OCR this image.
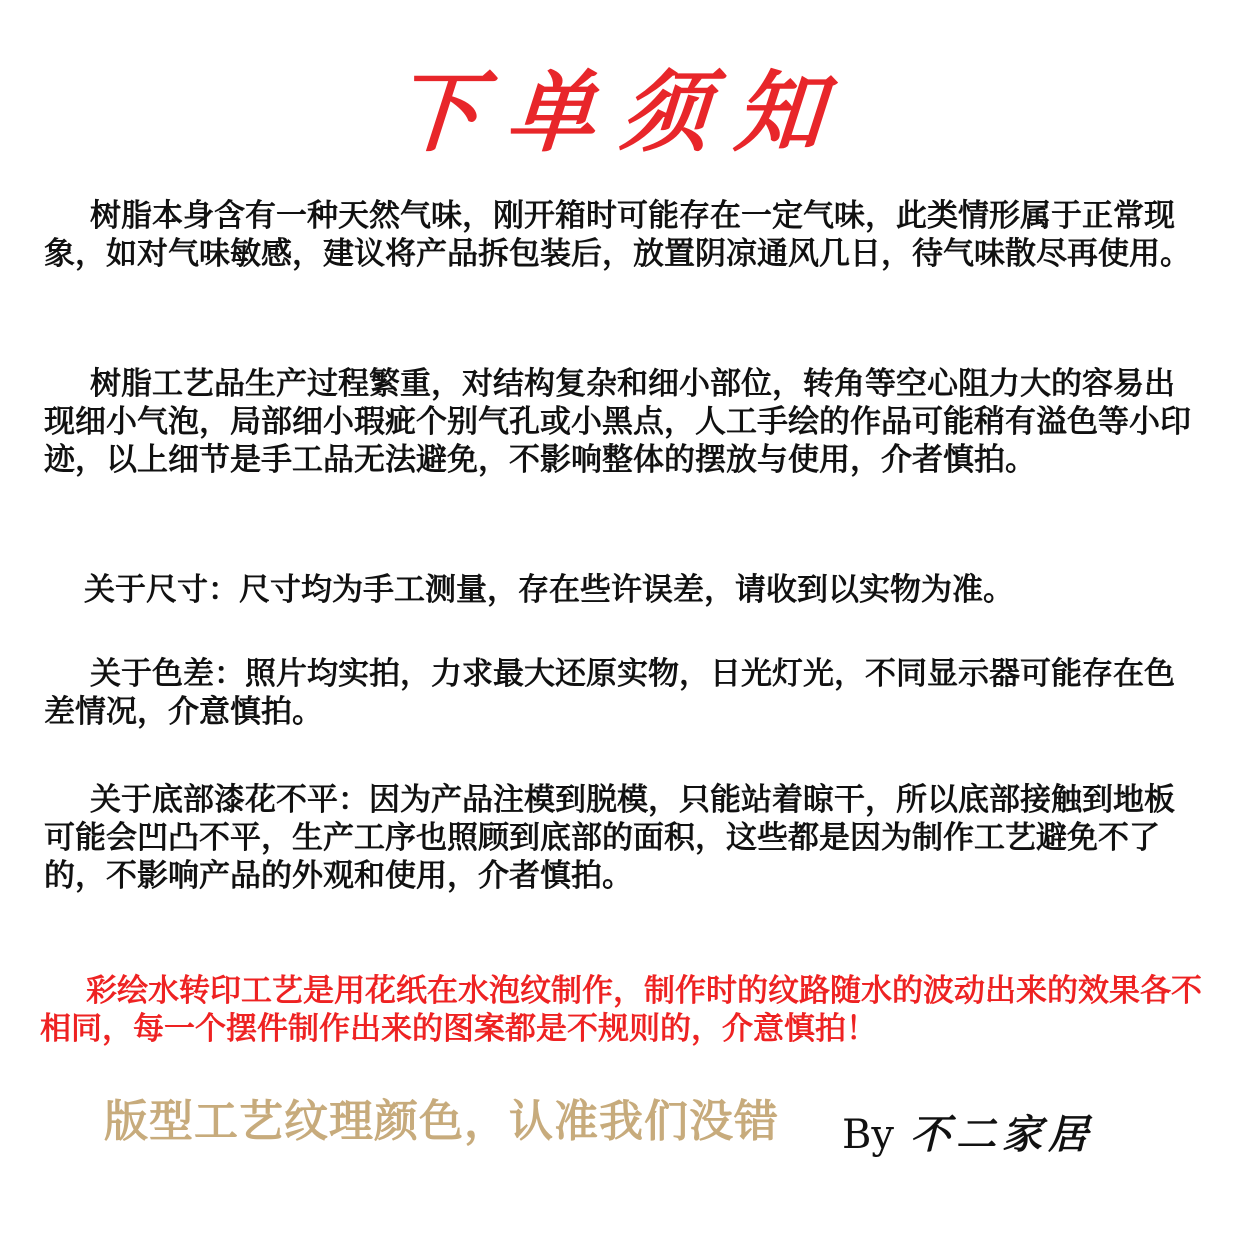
下单须知

树脂本身含有一种天然气味，刚开箱时可能存在一定气味，此类情形属于正常现象，如对气味敏感，建议将产品拆包装后，放置阴凉通风几日，待气味散尽再使用。

树脂工艺品生产过程繁重，对结构复杂和细小部位，转角等空心阻力大的容易出现细小气泡，局部细小瑕疵个别气孔或小黑点，人工手绘的作品可能稍有溢色等小印迹，以上细节是手工品无法避免，不影响整体的摆放与使用，介者慎拍。

关于尺寸：尺寸均为手工测量，存在些许误差，请收到以实物为准。

关于色差：照片均实拍，力求最大还原实物，日光灯光，不同显示器可能存在色差情况，介意慎拍。

关于底部漆花不平：因为产品注模到脱模，只能站着晾干，所以底部接触到地板可能会凹凸不平，生产工序也照顾到底部的面积，这些都是因为制作工艺避免不了的，不影响产品的外观和使用，介者慎拍。

彩绘水转印工艺是用花纸在水泡纹制作，制作时的纹路随水的波动出来的效果各不相同，每一个摆件制作出来的图案都是不规则的，介意慎拍！

版型工艺纹理颜色，认准我们没错 By 不二家居
